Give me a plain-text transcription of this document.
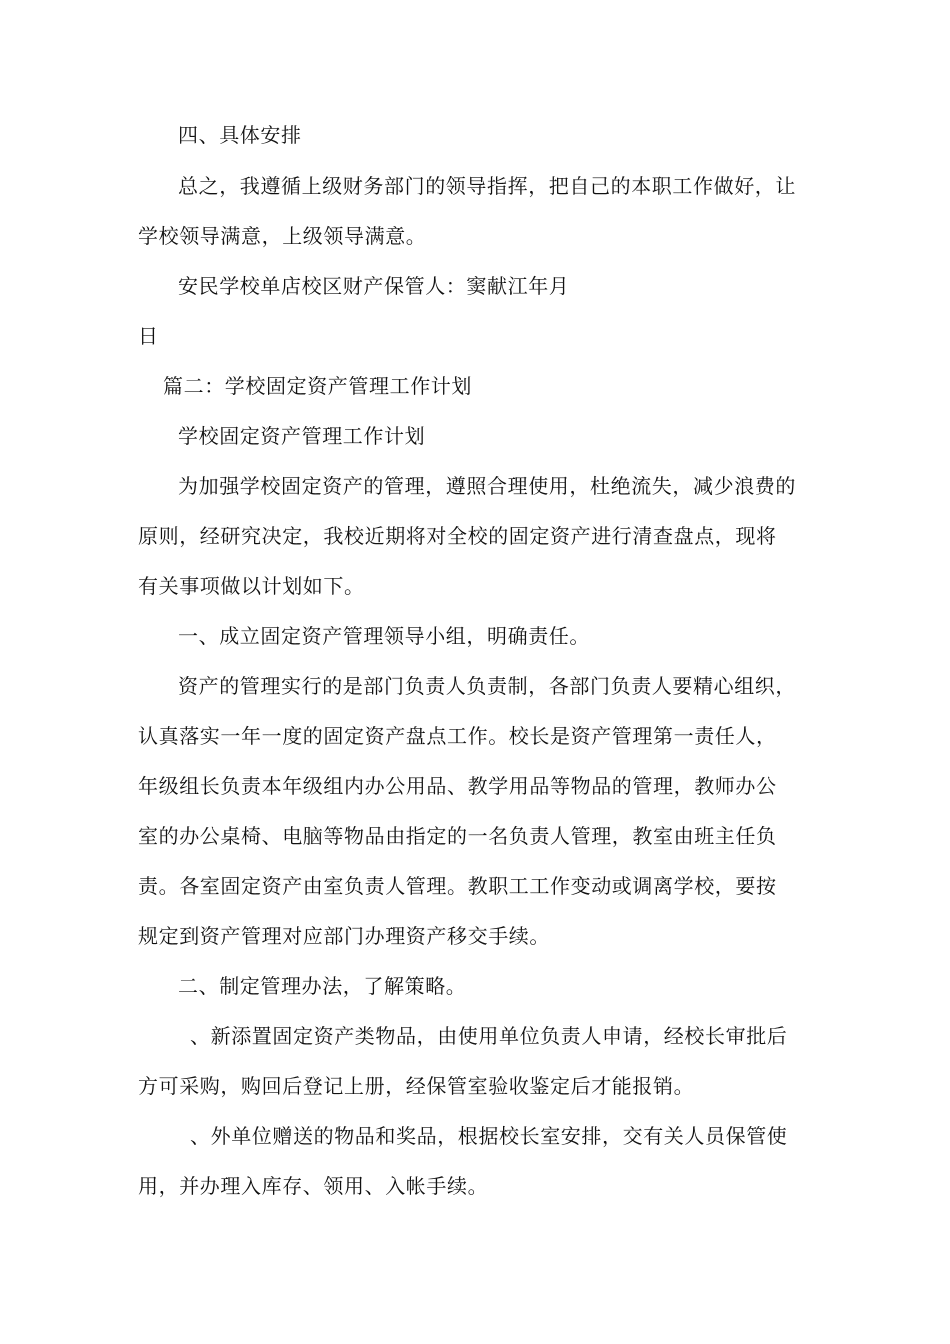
四、具体安排
总之，我遵循上级财务部门的领导指挥，把自己的本职工作做好，让
学校领导满意，上级领导满意。
安民学校单店校区财产保管人：窦献江年月
日
篇二：学校固定资产管理工作计划
学校固定资产管理工作计划
为加强学校固定资产的管理，遵照合理使用，杜绝流失，减少浪费的
原则，经研究决定，我校近期将对全校的固定资产进行清查盘点，现将
有关事项做以计划如下。
一、成立固定资产管理领导小组，明确责任。
资产的管理实行的是部门负责人负责制，各部门负责人要精心组织，
认真落实一年一度的固定资产盘点工作。校长是资产管理第一责任人，
年级组长负责本年级组内办公用品、教学用品等物品的管理，教师办公
室的办公桌椅、电脑等物品由指定的一名负责人管理，教室由班主任负
责。各室固定资产由室负责人管理。教职工工作变动或调离学校，要按
规定到资产管理对应部门办理资产移交手续。
二、制定管理办法，了解策略。
、新添置固定资产类物品，由使用单位负责人申请，经校长审批后
方可采购，购回后登记上册，经保管室验收鉴定后才能报销。
、外单位赠送的物品和奖品，根据校长室安排，交有关人员保管使
用，并办理入库存、领用、入帐手续。
